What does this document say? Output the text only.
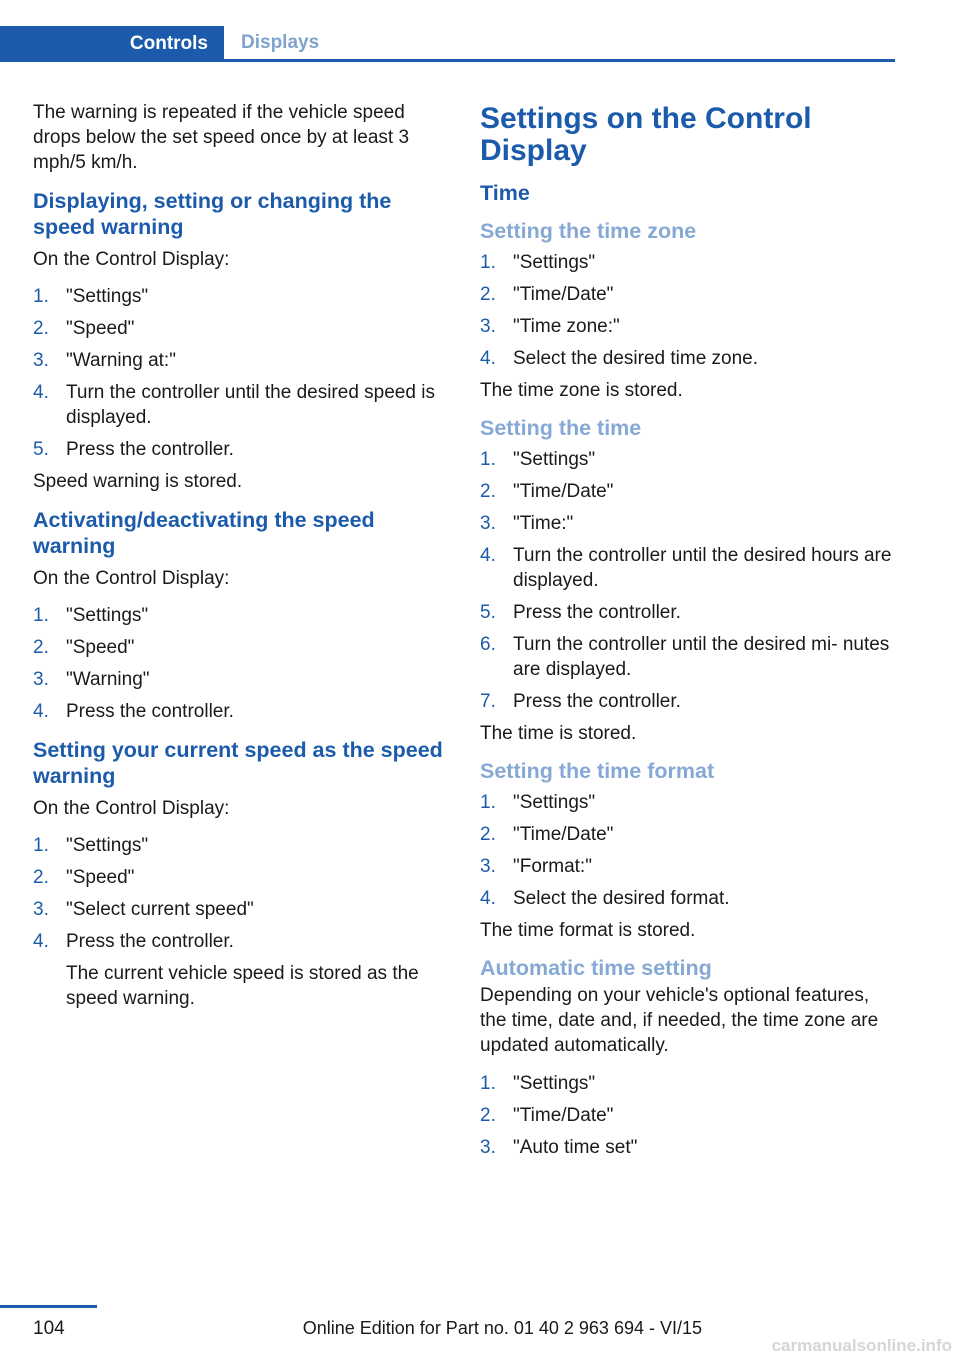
Controls	Displays

The warning is repeated if the vehicle speed drops below the set speed once by at least 3 mph/5 km/h.

Displaying, setting or changing the speed warning

On the Control Display:

1. "Settings"
2. "Speed"
3. "Warning at:"
4. Turn the controller until the desired speed is displayed.
5. Press the controller.

Speed warning is stored.

Activating/deactivating the speed warning

On the Control Display:

1. "Settings"
2. "Speed"
3. "Warning"
4. Press the controller.
Setting your current speed as the speed warning

On the Control Display:

1. "Settings"
2. "Speed"
3. "Select current speed"
4. Press the controller.
The current vehicle speed is stored as the speed warning.
Settings on the Control Display
Time
Setting the time zone
1. "Settings"
2. "Time/Date"
3. "Time zone:"
4. Select the desired time zone.

The time zone is stored.

Setting the time
1. "Settings"
2. "Time/Date"
3. "Time:"
4. Turn the controller until the desired hours are displayed.
5. Press the controller.
6. Turn the controller until the desired mi‐ nutes are displayed.
7. Press the controller.

The time is stored.

Setting the time format
1. "Settings"
2. "Time/Date"
3. "Format:"
4. Select the desired format.

The time format is stored.

Automatic time setting

Depending on your vehicle's optional features, the time, date and, if needed, the time zone are updated automatically.

1. "Settings"
2. "Time/Date"
3. "Auto time set"
104	Online Edition for Part no. 01 40 2 963 694 - VI/15
carmanualsonline.info
